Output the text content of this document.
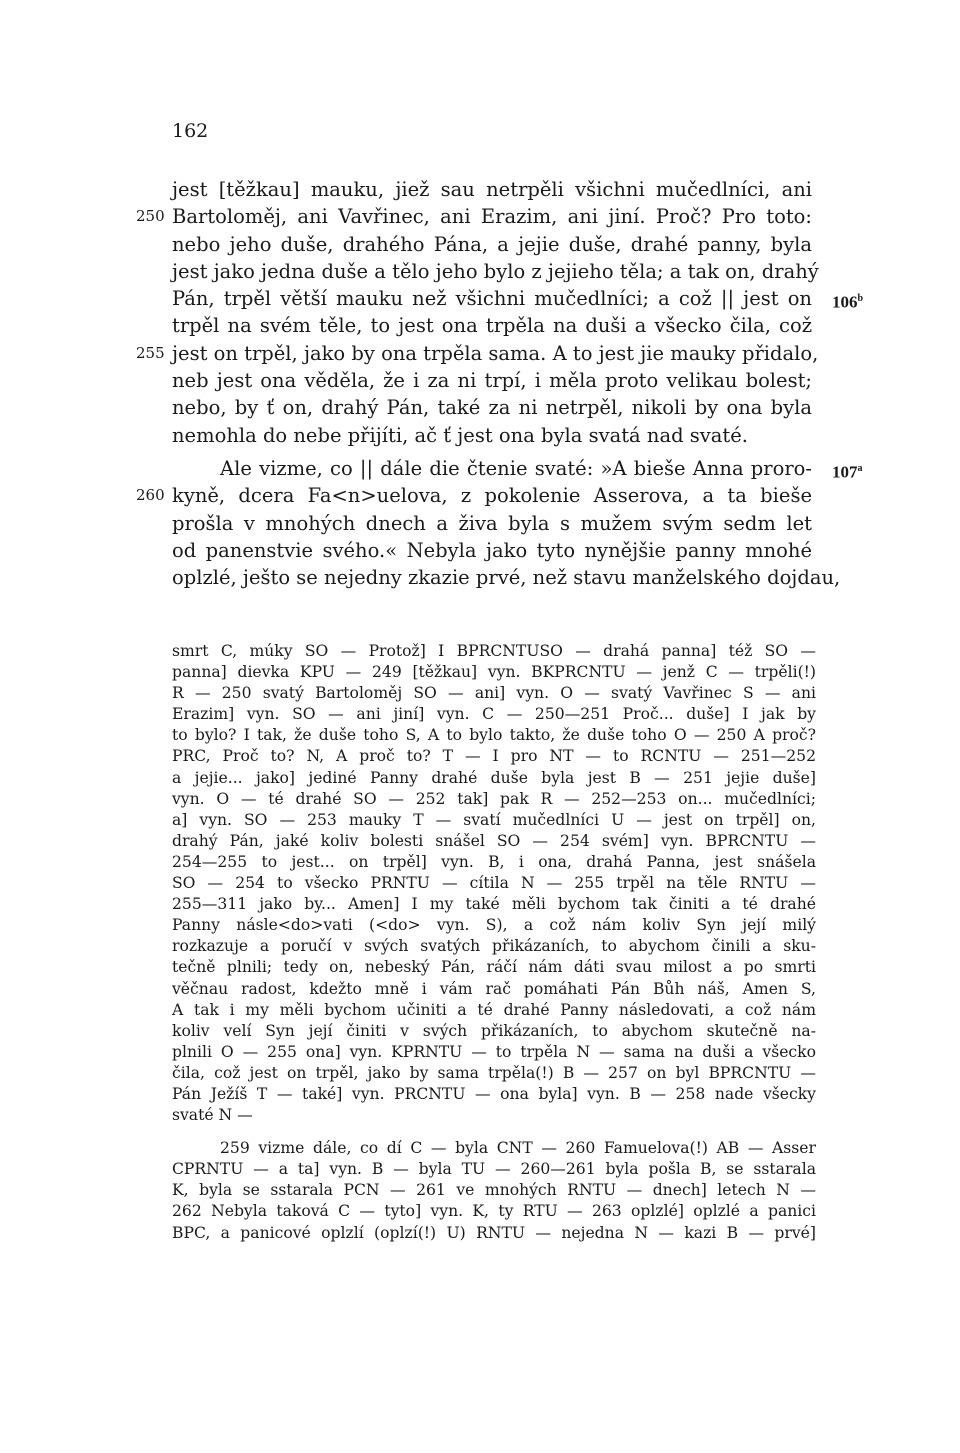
162
jest [těžkau] mauku, jiež sau netrpěli všichni mučedlníci, ani
250 Bartoloměj, ani Vavřinec, ani Erazim, ani jiní. Proč? Pro toto:
nebo jeho duše, drahého Pána, a jejie duše, drahé panny, byla
jest jako jedna duše a tělo jeho bylo z jejieho těla; a tak on, drahý
Pán, trpěl větší mauku než všichni mučedlníci; a což || jest on 106$^b$
trpěl na svém těle, to jest ona trpěla na duši a všecko čila, což
255 jest on trpěl, jako by ona trpěla sama. A to jest jie mauky přidalo,
neb jest ona věděla, že i za ni trpí, i měla proto velikau bolest;
nebo, by ť on, drahý Pán, také za ni netrpěl, nikoli by ona byla
nemohla do nebe přijíti, ač ť jest ona byla svatá nad svaté.
Ale vizme, co || dále die čtenie svaté: »A bieše Anna proro- 107$^a$
260 kyně, dcera Fa<n>uelova, z pokolenie Asserova, a ta bieše
prošla v mnohých dnech a živa byla s mužem svým sedm let
od panenstvie svého.« Nebyla jako tyto nynějšie panny mnohé
oplzlé, ješto se nejedny zkazie prvé, než stavu manželského dojdau,
smrt C, múky SO — Protož] I BPRCNTUSO — drahá panna] též SO —
panna] dievka KPU — 249 [těžkau] vyn. BKPRCNTU — jenž C — trpěli(!)
R — 250 svatý Bartoloměj SO — ani] vyn. O — svatý Vavřinec S — ani
Erazim] vyn. SO — ani jiní] vyn. C — 250—251 Proč... duše] I jak by
to bylo? I tak, že duše toho S, A to bylo takto, že duše toho O — 250 A proč?
PRC, Proč to? N, A proč to? T — I pro NT — to RCNTU — 251—252
a jejie... jako] jediné Panny drahé duše byla jest B — 251 jejie duše]
vyn. O — té drahé SO — 252 tak] pak R — 252—253 on... mučedlníci;
a] vyn. SO — 253 mauky T — svatí mučedlníci U — jest on trpěl] on,
drahý Pán, jaké koliv bolesti snášel SO — 254 svém] vyn. BPRCNTU —
254—255 to jest... on trpěl] vyn. B, i ona, drahá Panna, jest snášela
SO — 254 to všecko PRNTU — cítila N — 255 trpěl na těle RNTU —
255—311 jako by... Amen] I my také měli bychom tak činiti a té drahé
Panny násle<do>vati (<do> vyn. S), a což nám koliv Syn její milý
rozkazuje a poručí v svých svatých přikázaních, to abychom činili a sku-
tečně plnili; tedy on, nebeský Pán, ráčí nám dáti svau milost a po smrti
věčnau radost, kdežto mně i vám rač pomáhati Pán Bůh náš, Amen S,
A tak i my měli bychom učiniti a té drahé Panny následovati, a což nám
koliv velí Syn její činiti v svých přikázaních, to abychom skutečně na-
plnili O — 255 ona] vyn. KPRNTU — to trpěla N — sama na duši a všecko
čila, což jest on trpěl, jako by sama trpěla(!) B — 257 on byl BPRCNTU —
Pán Ježíš T — také] vyn. PRCNTU — ona byla] vyn. B — 258 nade všecky
svaté N —
259 vizme dále, co dí C — byla CNT — 260 Famuelova(!) AB — Asser
CPRNTU — a ta] vyn. B — byla TU — 260—261 byla pošla B, se sstarala
K, byla se sstarala PCN — 261 ve mnohých RNTU — dnech] letech N —
262 Nebyla taková C — tyto] vyn. K, ty RTU — 263 oplzlé] oplzlé a panici
BPC, a panicové oplzlí (oplzí(!) U) RNTU — nejedna N — kazi B — prvé]
